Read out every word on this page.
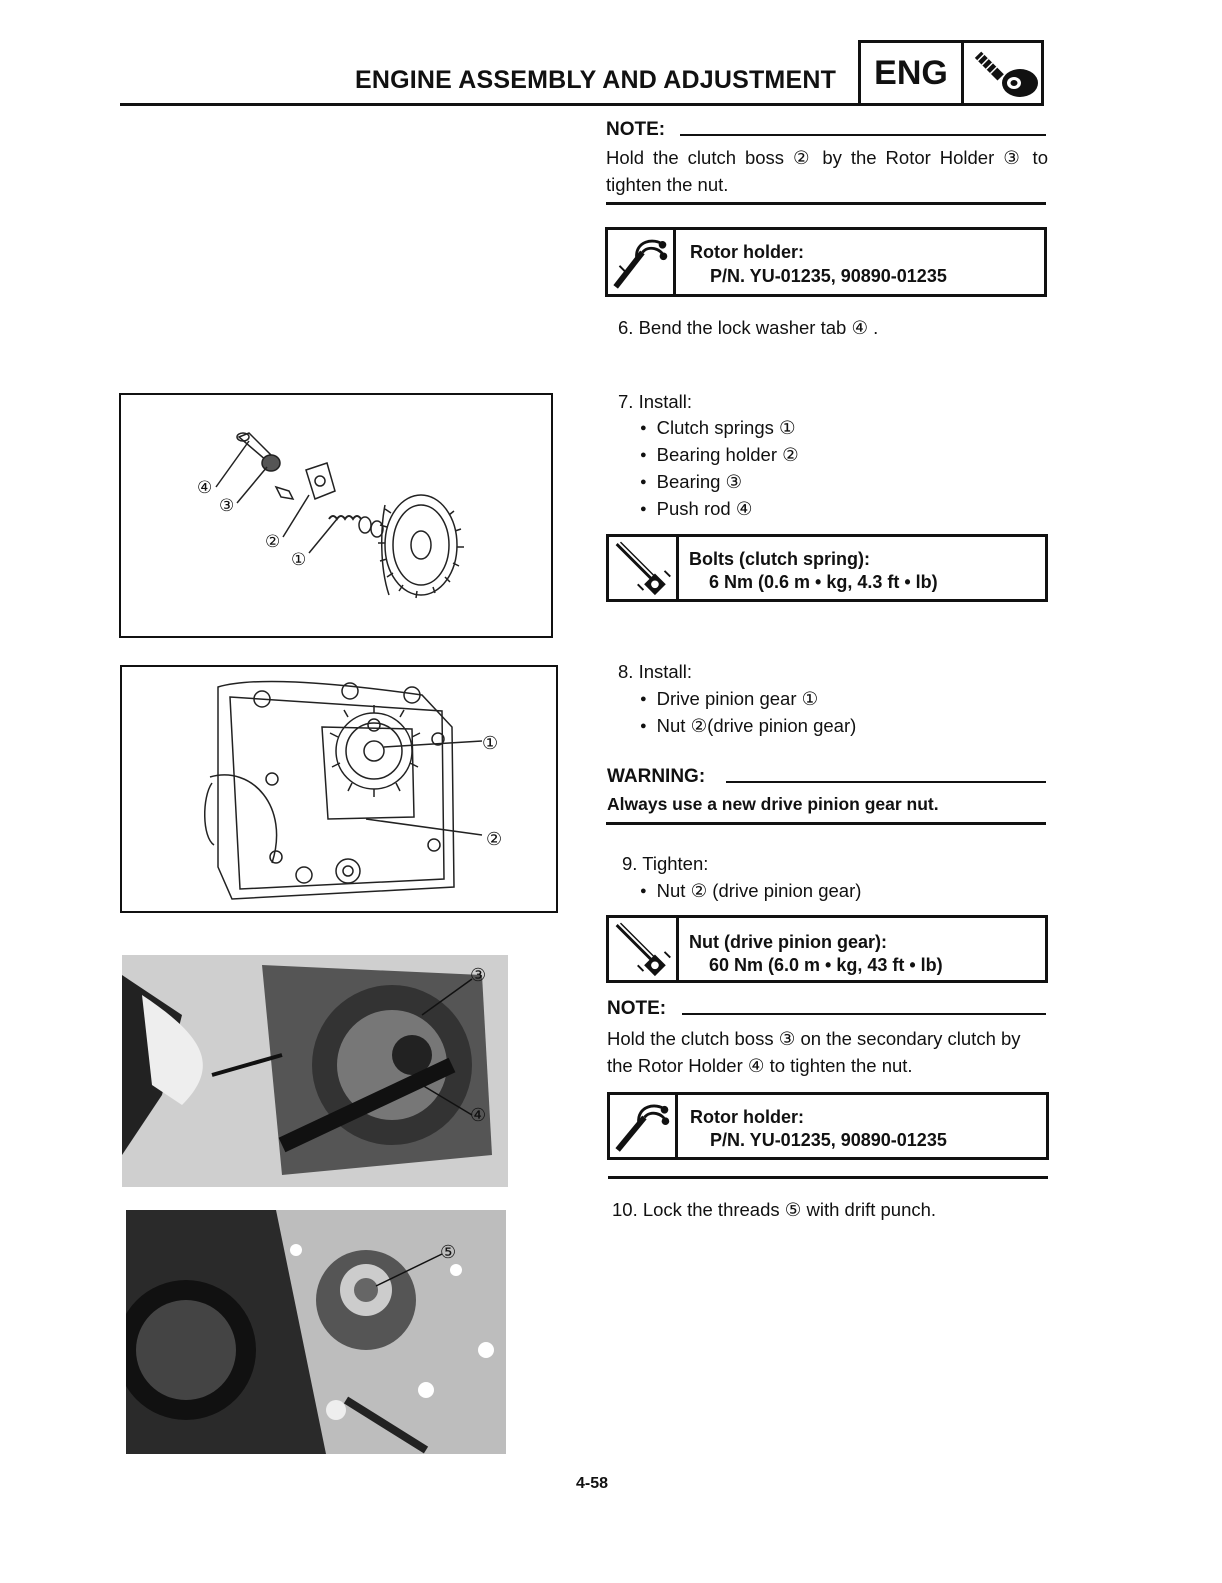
ENGINE ASSEMBLY AND ADJUSTMENT	ENG
NOTE:
Hold the clutch boss ② by the Rotor Holder ③ to tighten the nut.
Rotor holder:
P/N. YU-01235, 90890-01235
6. Bend the lock washer tab ④ .
7. Install:
● Clutch springs ①
● Bearing holder ②
● Bearing ③
● Push rod ④
Bolts (clutch spring):
6 Nm (0.6 m • kg, 4.3 ft • lb)
8. Install:
● Drive pinion gear ①
● Nut ②(drive pinion gear)
WARNING:
Always use a new drive pinion gear nut.
9. Tighten:
● Nut ② (drive pinion gear)
Nut (drive pinion gear):
60 Nm (6.0 m • kg, 43 ft • lb)
NOTE:
Hold the clutch boss ③ on the secondary clutch by the Rotor Holder ④ to tighten the nut.
Rotor holder:
P/N. YU-01235, 90890-01235
10. Lock the threads ⑤ with drift punch.
④
③
②
①
①
②
③
④
⑤
4-58
